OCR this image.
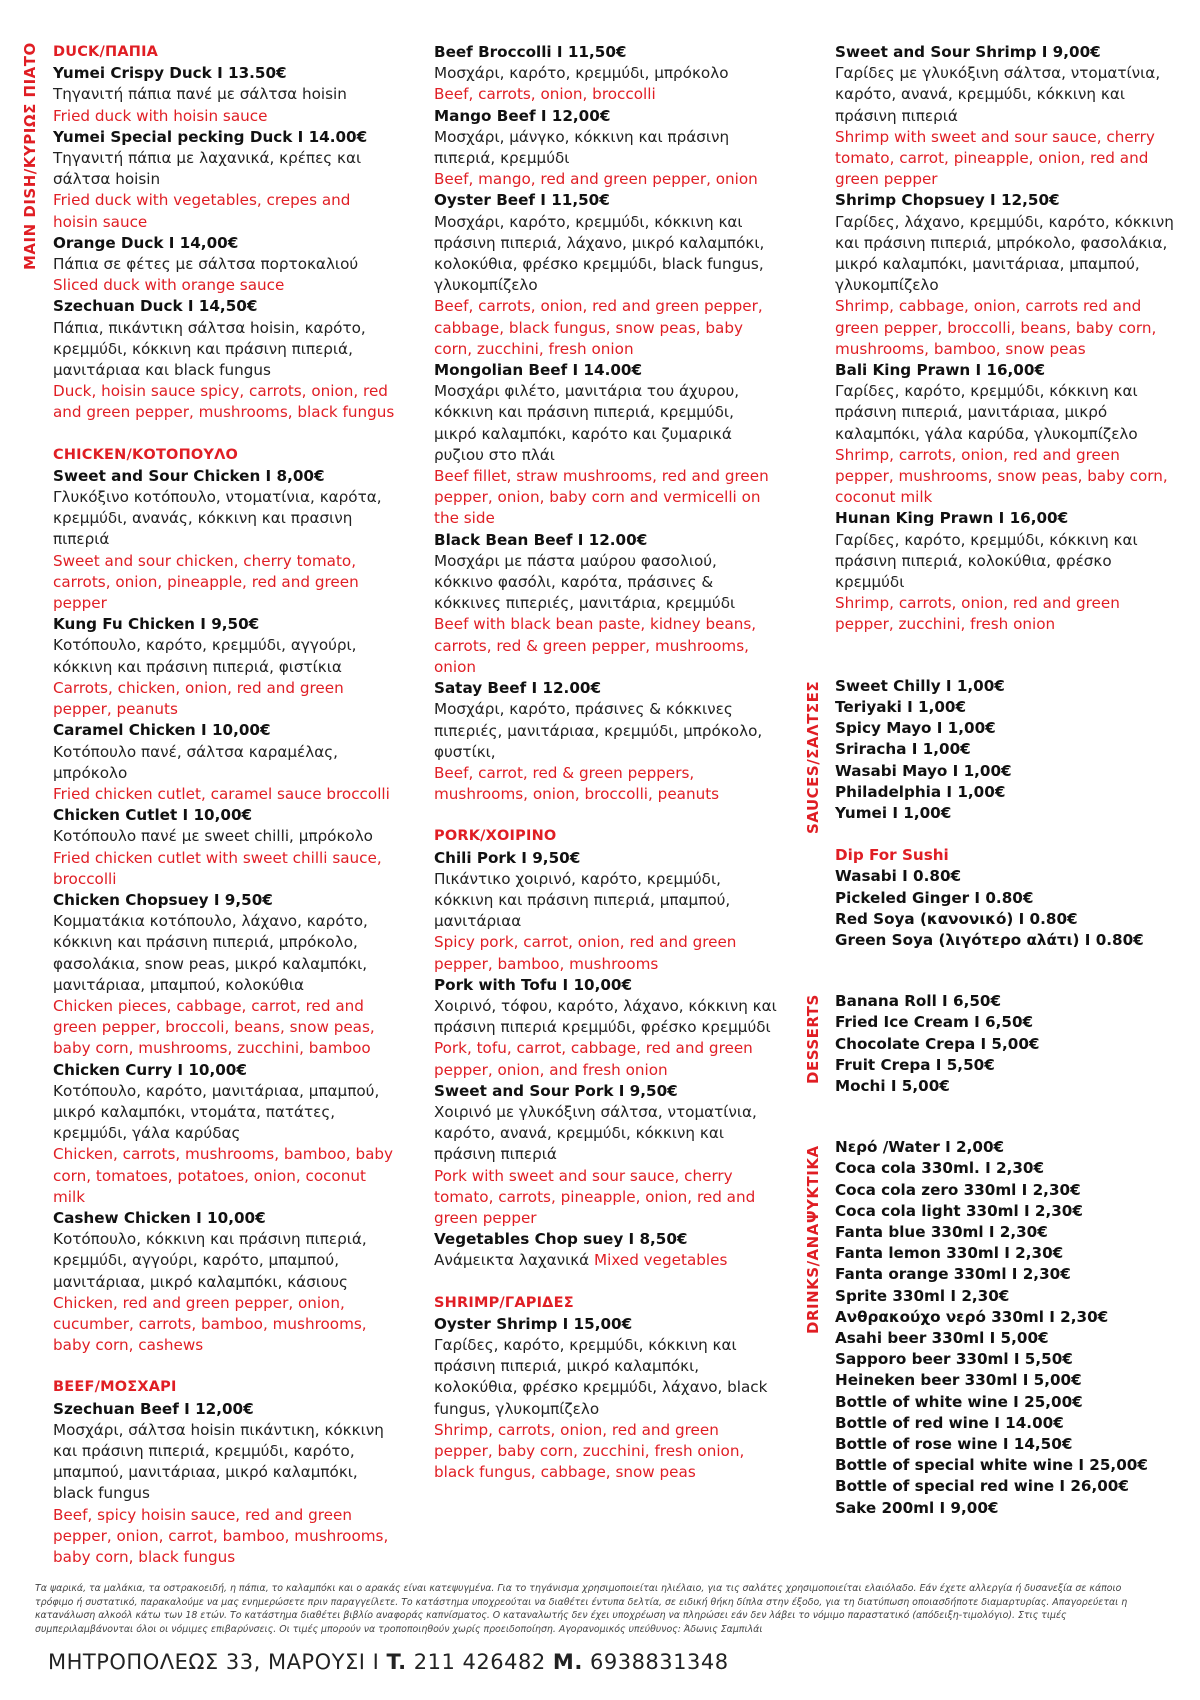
MAIN DISH/ΚΥΡΙΩΣ ΠΙΑΤΟ
SAUCES/ΣΑΛΤΣΕΣ
DESSERTS
DRINKS/ΑΝΑΨΥΚΤΙΚΑ
DUCK/ΠΑΠΙΑ
Yumei Crispy Duck I 13.50€
Τηγανιτή πάπια πανέ με σάλτσα hoisin
Fried duck with hoisin sauce
Yumei Special pecking Duck I 14.00€
Τηγανιτή πάπια με λαχανικά, κρέπες και σάλτσα hoisin
Fried duck with vegetables, crepes and hoisin sauce
Orange Duck I 14,00€
Πάπια σε φέτες με σάλτσα πορτοκαλιού
Sliced duck with orange sauce
Szechuan Duck I 14,50€
Πάπια, πικάντικη σάλτσα hoisin, καρότο, κρεμμύδι, κόκκινη και πράσινη πιπεριά, μανιτάριαα και black fungus
Duck, hoisin sauce spicy, carrots, onion, red and green pepper, mushrooms, black fungus
CHICKEN/ΚΟΤΟΠΟΥΛΟ
Sweet and Sour Chicken I 8,00€
Γλυκόξινο κοτόπουλο, ντοματίνια, καρότα, κρεμμύδι, ανανάς, κόκκινη και πρασινη πιπεριά
Sweet and sour chicken, cherry tomato, carrots, onion, pineapple, red and green pepper
Kung Fu Chicken I 9,50€
Κοτόπουλο, καρότο, κρεμμύδι, αγγούρι, κόκκινη και πράσινη πιπεριά, φιστίκια
Carrots, chicken, onion, red and green pepper, peanuts
Caramel Chicken I 10,00€
Κοτόπουλο πανέ, σάλτσα καραμέλας, μπρόκολο
Fried chicken cutlet, caramel sauce broccolli
Chicken Cutlet I 10,00€
Κοτόπουλο πανέ με sweet chilli, μπρόκολο
Fried chicken cutlet with sweet chilli sauce, broccolli
Chicken Chopsuey I 9,50€
Κομματάκια κοτόπουλο, λάχανο, καρότο, κόκκινη και πράσινη πιπεριά, μπρόκολο, φασολάκια, snow peas, μικρό καλαμπόκι, μανιτάριαα, μπαμπού, κολοκύθια
Chicken pieces, cabbage, carrot, red and green pepper, broccoli, beans, snow peas, baby corn, mushrooms, zucchini, bamboo
Chicken Curry I 10,00€
Κοτόπουλο, καρότο, μανιτάριαα, μπαμπού, μικρό καλαμπόκι, ντομάτα, πατάτες, κρεμμύδι, γάλα καρύδας
Chicken, carrots, mushrooms, bamboo, baby corn, tomatoes, potatoes, onion, coconut milk
Cashew Chicken I 10,00€
Κοτόπουλο, κόκκινη και πράσινη πιπεριά, κρεμμύδι, αγγούρι, καρότο, μπαμπού, μανιτάριαα, μικρό καλαμπόκι, κάσιους
Chicken, red and green pepper, onion, cucumber, carrots, bamboo, mushrooms, baby corn, cashews
BEEF/ΜΟΣΧΑΡΙ
Szechuan Beef I 12,00€
Μοσχάρι, σάλτσα hoisin πικάντικη, κόκκινη και πράσινη πιπεριά, κρεμμύδι, καρότο, μπαμπού, μανιτάριαα, μικρό καλαμπόκι, black fungus
Beef, spicy hoisin sauce, red and green pepper, onion, carrot, bamboo, mushrooms, baby corn, black fungus
Beef Broccolli I 11,50€
Μοσχάρι, καρότο, κρεμμύδι, μπρόκολο
Beef, carrots, onion, broccolli
Mango Beef I 12,00€
Μοσχάρι, μάνγκο, κόκκινη και πράσινη πιπεριά, κρεμμύδι
Beef, mango, red and green pepper, onion
Oyster Beef I 11,50€
Μοσχάρι, καρότο, κρεμμύδι, κόκκινη και πράσινη πιπεριά, λάχανο, μικρό καλαμπόκι, κολοκύθια, φρέσκο κρεμμύδι, black fungus, γλυκομπίζελο
Beef, carrots, onion, red and green pepper, cabbage, black fungus, snow peas, baby corn, zucchini, fresh onion
Mongolian Beef I 14.00€
Μοσχάρι φιλέτο, μανιτάρια του άχυρου, κόκκινη και πράσινη πιπεριά, κρεμμύδι, μικρό καλαμπόκι, καρότο και ζυμαρικά ρυζιου στο πλάι
Beef fillet, straw mushrooms, red and green pepper, onion, baby corn and vermicelli on the side
Black Bean Beef I 12.00€
Μοσχάρι με πάστα μαύρου φασολιού, κόκκινο φασόλι, καρότα, πράσινες & κόκκινες πιπεριές, μανιτάρια, κρεμμύδι
Beef with black bean paste, kidney beans, carrots, red & green pepper, mushrooms, onion
Satay Beef I 12.00€
Μοσχάρι, καρότο, πράσινες & κόκκινες πιπεριές, μανιτάριαα, κρεμμύδι, μπρόκολο, φυστίκι,
Beef, carrot, red & green peppers, mushrooms, onion, broccolli, peanuts
PORK/ΧΟΙΡΙΝΟ
Chili Pork I 9,50€
Πικάντικο χοιρινό, καρότο, κρεμμύδι, κόκκινη και πράσινη πιπεριά, μπαμπού, μανιτάριαα
Spicy pork, carrot, onion, red and green pepper, bamboo, mushrooms
Pork with Tofu I 10,00€
Χοιρινό, τόφου, καρότο, λάχανο, κόκκινη και πράσινη πιπεριά κρεμμύδι, φρέσκο κρεμμύδι
Pork, tofu, carrot, cabbage, red and green pepper, onion, and fresh onion
Sweet and Sour Pork I 9,50€
Χοιρινό με γλυκόξινη σάλτσα, ντοματίνια, καρότο, ανανά, κρεμμύδι, κόκκινη και πράσινη πιπεριά
Pork with sweet and sour sauce, cherry tomato, carrots, pineapple, onion, red and green pepper
Vegetables Chop suey I 8,50€
Ανάμεικτα λαχανικά Mixed vegetables
SHRIMP/ΓΑΡΙΔΕΣ
Oyster Shrimp I 15,00€
Γαρίδες, καρότο, κρεμμύδι, κόκκινη και πράσινη πιπεριά, μικρό καλαμπόκι, κολοκύθια, φρέσκο κρεμμύδι, λάχανο, black fungus, γλυκομπίζελο
Shrimp, carrots, onion, red and green pepper, baby corn, zucchini, fresh onion, black fungus, cabbage, snow peas
Sweet and Sour Shrimp I 9,00€
Γαρίδες με γλυκόξινη σάλτσα, ντοματίνια, καρότο, ανανά, κρεμμύδι, κόκκινη και πράσινη πιπεριά
Shrimp with sweet and sour sauce, cherry tomato, carrot, pineapple, onion, red and green pepper
Shrimp Chopsuey I 12,50€
Γαρίδες, λάχανο, κρεμμύδι, καρότο, κόκκινη και πράσινη πιπεριά, μπρόκολο, φασολάκια, μικρό καλαμπόκι, μανιτάριαα, μπαμπού, γλυκομπίζελο
Shrimp, cabbage, onion, carrots red and green pepper, broccolli, beans, baby corn, mushrooms, bamboo, snow peas
Bali King Prawn I 16,00€
Γαρίδες, καρότο, κρεμμύδι, κόκκινη και πράσινη πιπεριά, μανιτάριαα, μικρό καλαμπόκι, γάλα καρύδα, γλυκομπίζελο
Shrimp, carrots, onion, red and green pepper, mushrooms, snow peas, baby corn, coconut milk
Hunan King Prawn I 16,00€
Γαρίδες, καρότο, κρεμμύδι, κόκκινη και πράσινη πιπεριά, κολοκύθια, φρέσκο κρεμμύδι
Shrimp, carrots, onion, red and green pepper, zucchini, fresh onion
Sweet Chilly I 1,00€
Teriyaki I 1,00€
Spicy Mayo I 1,00€
Sriracha I 1,00€
Wasabi Mayo I 1,00€
Philadelphia I 1,00€
Yumei I 1,00€
Dip For Sushi
Wasabi I 0.80€
Pickeled Ginger I 0.80€
Red Soya (κανονικό) I 0.80€
Green Soya (λιγότερο αλάτι) I 0.80€
Banana Roll I 6,50€
Fried Ice Cream I 6,50€
Chocolate Crepa I 5,00€
Fruit Crepa I 5,50€
Mochi I 5,00€
Νερό /Water I 2,00€
Coca cola 330ml. I 2,30€
Coca cola zero 330ml I 2,30€
Coca cola light 330ml I 2,30€
Fanta blue 330ml I 2,30€
Fanta lemon 330ml I 2,30€
Fanta orange 330ml I 2,30€
Sprite 330ml I 2,30€
Ανθρακούχο νερό 330ml I 2,30€
Asahi beer 330ml I 5,00€
Sapporo beer 330ml I 5,50€
Heineken beer 330ml I 5,00€
Bottle of white wine I 25,00€
Bottle of red wine I 14.00€
Bottle of rose wine I 14,50€
Bottle of special white wine I 25,00€
Bottle of special red wine I 26,00€
Sake 200ml I 9,00€
Τα ψαρικά, τα μαλάκια, τα οστρακοειδή, η πάπια, το καλαμπόκι και ο αρακάς είναι κατεψυγμένα. Για το τηγάνισμα χρησιμοποιείται ηλιέλαιο, για τις σαλάτες χρησιμοποιείται ελαιόλαδο. Εάν έχετε αλλεργία ή δυσανεξία σε κάποιο τρόφιμο ή συστατικό, παρακαλούμε να μας ενημερώσετε πριν παραγγείλετε. Το κατάστημα υποχρεούται να διαθέτει έντυπα δελτία, σε ειδική θήκη δίπλα στην έξοδο, για τη διατύπωση οποιασδήποτε διαμαρτυρίας. Απαγορεύεται η κατανάλωση αλκοόλ κάτω των 18 ετών. Το κατάστημα διαθέτει βιβλίο αναφοράς καπνίσματος. Ο καταναλωτής δεν έχει υποχρέωση να πληρώσει εάν δεν λάβει το νόμιμο παραστατικό (απόδειξη-τιμολόγιο). Στις τιμές συμπεριλαμβάνονται όλοι οι νόμιμες επιβαρύνσεις. Οι τιμές μπορούν να τροποποιηθούν χωρίς προειδοποίηση. Αγορανομικός υπεύθυνος: Άδωνις Σαμπιλάι
ΜΗΤΡΟΠΟΛΕΩΣ 33, ΜΑΡΟΥΣΙ I T. 211 426482 M. 6938831348
